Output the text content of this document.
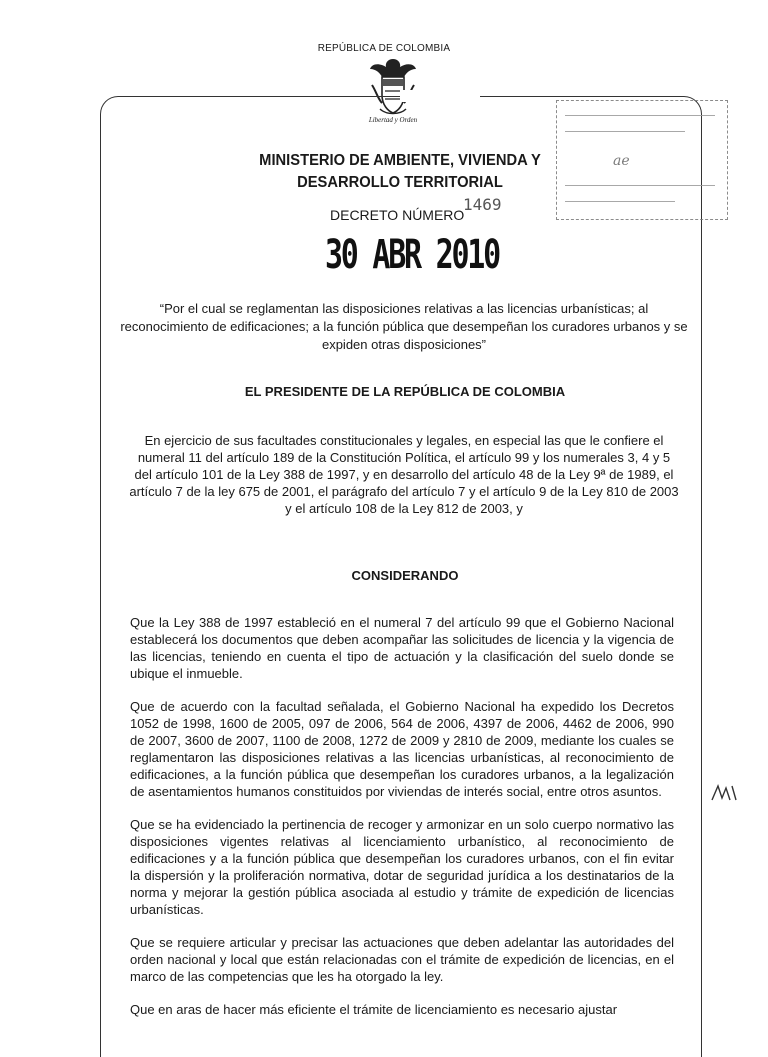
REPÚBLICA DE COLOMBIA
Libertad y Orden
ae
MINISTERIO DE AMBIENTE, VIVIENDA Y
DESARROLLO TERRITORIAL
DECRETO NÚMERO
1469
30 ABR 2010
“Por el cual se reglamentan las disposiciones relativas a las licencias urbanísticas; al reconocimiento de edificaciones; a la función pública que desempeñan los curadores urbanos y se expiden otras disposiciones”
EL PRESIDENTE DE LA REPÚBLICA DE COLOMBIA
En ejercicio de sus facultades constitucionales y legales, en especial las que le confiere el numeral 11 del artículo 189 de la Constitución Política, el artículo 99 y los numerales 3, 4 y 5 del artículo 101 de la Ley 388 de 1997, y en desarrollo del artículo 48 de la Ley 9ª de 1989, el artículo 7 de la ley 675 de 2001, el parágrafo del artículo 7 y el artículo 9 de la Ley 810 de 2003 y el artículo 108 de la Ley 812 de 2003, y
CONSIDERANDO

Que la Ley 388 de 1997 estableció en el numeral 7 del artículo 99 que el Gobierno Nacional establecerá los documentos que deben acompañar las solicitudes de licencia y la vigencia de las licencias, teniendo en cuenta el tipo de actuación y la clasificación del suelo donde se ubique el inmueble.

Que de acuerdo con la facultad señalada, el Gobierno Nacional ha expedido los Decretos 1052 de 1998, 1600 de 2005, 097 de 2006, 564 de 2006, 4397 de 2006, 4462 de 2006, 990 de 2007, 3600 de 2007, 1100 de 2008, 1272 de 2009 y 2810 de 2009, mediante los cuales se reglamentaron las disposiciones relativas a las licencias urbanísticas, al reconocimiento de edificaciones, a la función pública que desempeñan los curadores urbanos, a la legalización de asentamientos humanos constituidos por viviendas de interés social, entre otros asuntos.

Que se ha evidenciado la pertinencia de recoger y armonizar en un solo cuerpo normativo las disposiciones vigentes relativas al licenciamiento urbanístico, al reconocimiento de edificaciones y a la función pública que desempeñan los curadores urbanos, con el fin evitar la dispersión y la proliferación normativa, dotar de seguridad jurídica a los destinatarios de la norma y mejorar la gestión pública asociada al estudio y trámite de expedición de licencias urbanísticas.

Que se requiere articular y precisar las actuaciones que deben adelantar las autoridades del orden nacional y local que están relacionadas con el trámite de expedición de licencias, en el marco de las competencias que les ha otorgado la ley.

Que en aras de hacer más eficiente el trámite de licenciamiento es necesario ajustar
